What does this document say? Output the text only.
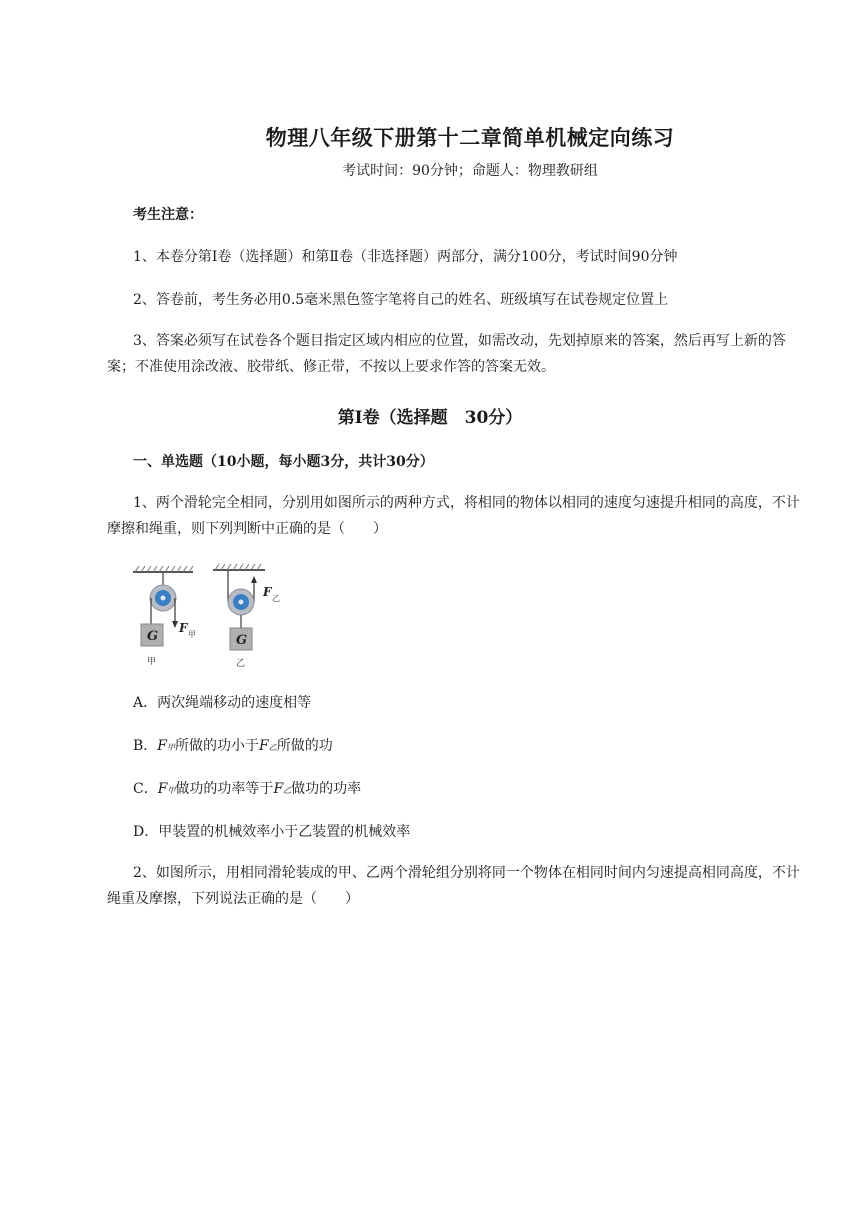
物理八年级下册第十二章简单机械定向练习
考试时间：90分钟；命题人：物理教研组
考生注意：
1、本卷分第Ⅰ卷（选择题）和第Ⅱ卷（非选择题）两部分，满分100分，考试时间90分钟
2、答卷前，考生务必用0.5毫米黑色签字笔将自己的姓名、班级填写在试卷规定位置上
3、答案必须写在试卷各个题目指定区域内相应的位置，如需改动，先划掉原来的答案，然后再写上新的答案；不准使用涂改液、胶带纸、修正带，不按以上要求作答的答案无效。
第Ⅰ卷（选择题　30分）
一、单选题（10小题，每小题3分，共计30分）
1、两个滑轮完全相同，分别用如图所示的两种方式，将相同的物体以相同的速度匀速提升相同的高度，不计摩擦和绳重，则下列判断中正确的是（　　）
G
F 甲
甲
G
F 乙
乙
A．两次绳端移动的速度相等
B．F甲所做的功小于F乙所做的功
C．F甲做功的功率等于F乙做功的功率
D．甲装置的机械效率小于乙装置的机械效率
2、如图所示，用相同滑轮装成的甲、乙两个滑轮组分别将同一个物体在相同时间内匀速提高相同高度，不计绳重及摩擦，下列说法正确的是（　　）
